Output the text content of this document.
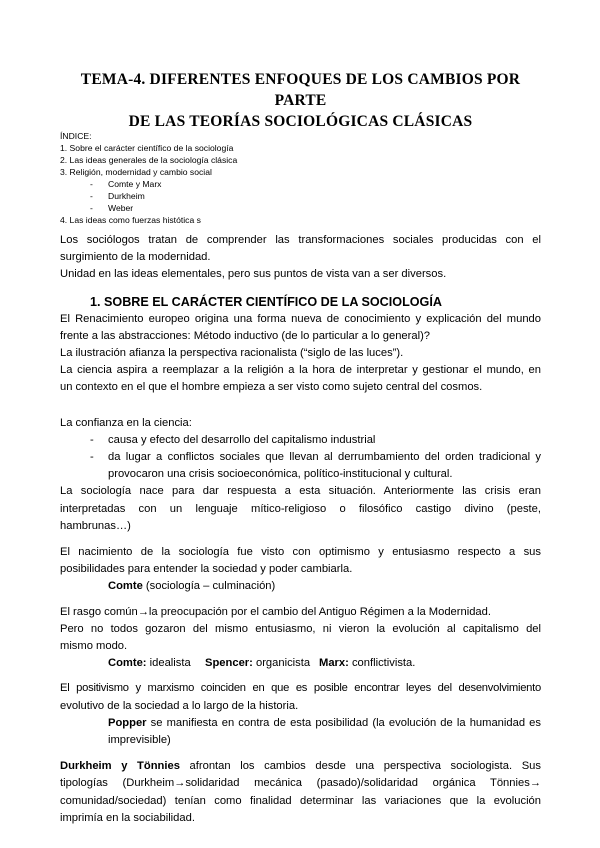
TEMA-4. DIFERENTES ENFOQUES DE LOS CAMBIOS POR PARTE
DE LAS TEORÍAS SOCIOLÓGICAS CLÁSICAS
ÍNDICE:
1. Sobre el carácter científico de la sociología
2. Las ideas generales de la sociología clásica
3. Religión, modernidad y cambio social
- Comte y Marx
- Durkheim
- Weber
4. Las ideas como fuerzas histótica s
Los sociólogos tratan de comprender las transformaciones sociales producidas con el
surgimiento de la modernidad.
Unidad en las ideas elementales, pero sus puntos de vista van a ser diversos.
1. SOBRE EL CARÁCTER CIENTÍFICO DE LA SOCIOLOGÍA
El Renacimiento europeo origina una forma nueva de conocimiento y explicación del mundo
frente a las abstracciones: Método inductivo (de lo particular a lo general)?
La ilustración afianza la perspectiva racionalista (“siglo de las luces”).
La ciencia aspira a reemplazar a la religión a la hora de interpretar y gestionar el mundo, en
un contexto en el que el hombre empieza a ser visto como sujeto central del cosmos.
La confianza en la ciencia:
- causa y efecto del desarrollo del capitalismo industrial
- da lugar a conflictos sociales que llevan al derrumbamiento del orden tradicional y
provocaron una crisis socioeconómica, político-institucional y cultural.
La sociología nace para dar respuesta a esta situación. Anteriormente las crisis eran
interpretadas con un lenguaje mítico-religioso o filosófico castigo divino (peste,
hambrunas…)
El nacimiento de la sociología fue visto con optimismo y entusiasmo respecto a sus
posibilidades para entender la sociedad y poder cambiarla.
Comte (sociología – culminación)
El rasgo común→la preocupación por el cambio del Antiguo Régimen a la Modernidad.
Pero no todos gozaron del mismo entusiasmo, ni vieron la evolución al capitalismo del
mismo modo.
Comte: idealista Spencer: organicista Marx: conflictivista.
El positivismo y marxismo coinciden en que es posible encontrar leyes del desenvolvimiento
evolutivo de la sociedad a lo largo de la historia.
Popper se manifiesta en contra de esta posibilidad (la evolución de la humanidad es
imprevisible)
Durkheim y Tönnies afrontan los cambios desde una perspectiva sociologista. Sus
tipologías (Durkheim→solidaridad mecánica (pasado)/solidaridad orgánica Tönnies→
comunidad/sociedad) tenían como finalidad determinar las variaciones que la evolución
imprimía en la sociabilidad.
